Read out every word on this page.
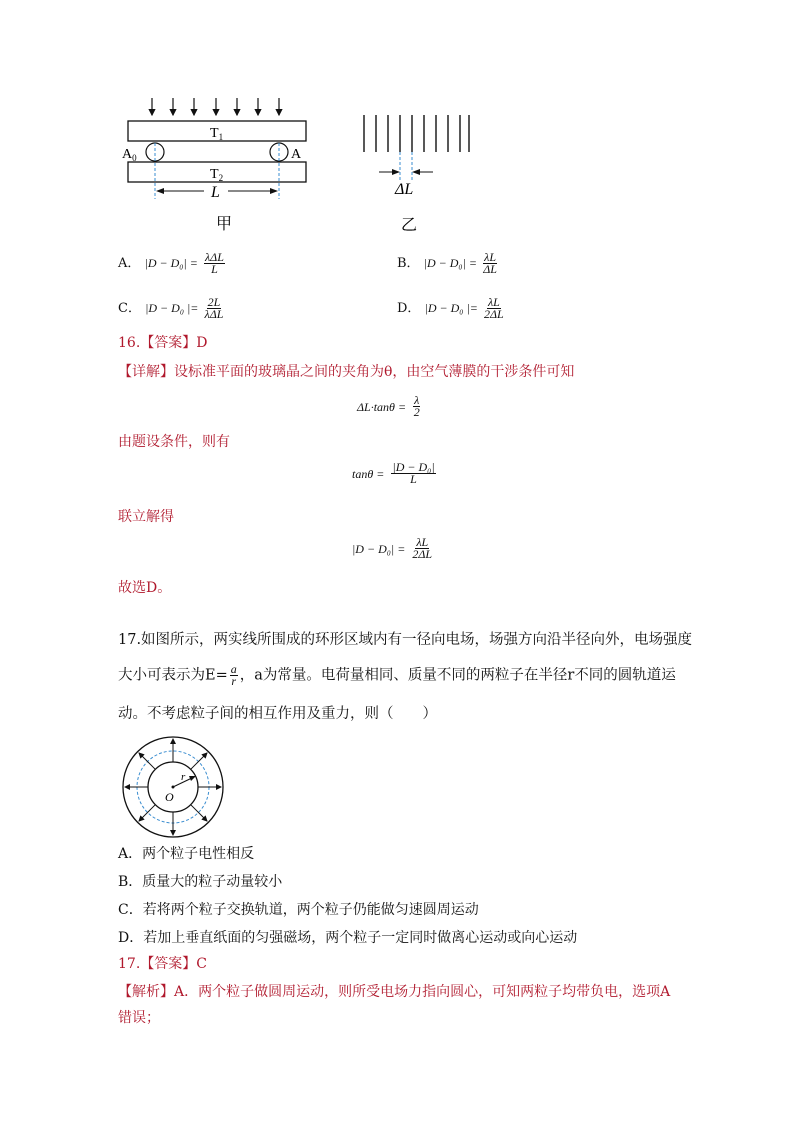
$T_1$
$A_0$	A
$T_2$
L
甲
ΔL
乙
A． $|D - D_0| = \frac{\text{λΔL}}{L}$	B． $|D - D_0| = \frac{\lambda L}{\Delta L}$
C． |D − D₀ |= $\frac{2L}{\text{λΔL}}$	D． |D − D₀ |= $\frac{\lambda L}{2\Delta L}$
16.【答案】D
【详解】设标准平面的玻璃晶之间的夹角为θ，由空气薄膜的干涉条件可知
$\Delta L\cdot\tan\theta = \frac{\lambda}{2}$
由题设条件，则有
$\tan\theta = \frac{\text{|D − D₀|}}{L}$
联立解得
$|D - D_0| = \frac{\lambda L}{2\Delta L}$
故选D。
17.如图所示，两实线所围成的环形区域内有一径向电场，场强方向沿半径向外，电场强度
大小可表示为$E= \frac{a}{r}$ ，a为常量。电荷量相同、质量不同的两粒子在半径r不同的圆轨道运
动。不考虑粒子间的相互作用及重力，则（　　）
r
O
A．两个粒子电性相反
B．质量大的粒子动量较小
C．若将两个粒子交换轨道，两个粒子仍能做匀速圆周运动
D．若加上垂直纸面的匀强磁场，两个粒子一定同时做离心运动或向心运动
17.【答案】C
【解析】A．两个粒子做圆周运动，则所受电场力指向圆心，可知两粒子均带负电，选项A
错误；
